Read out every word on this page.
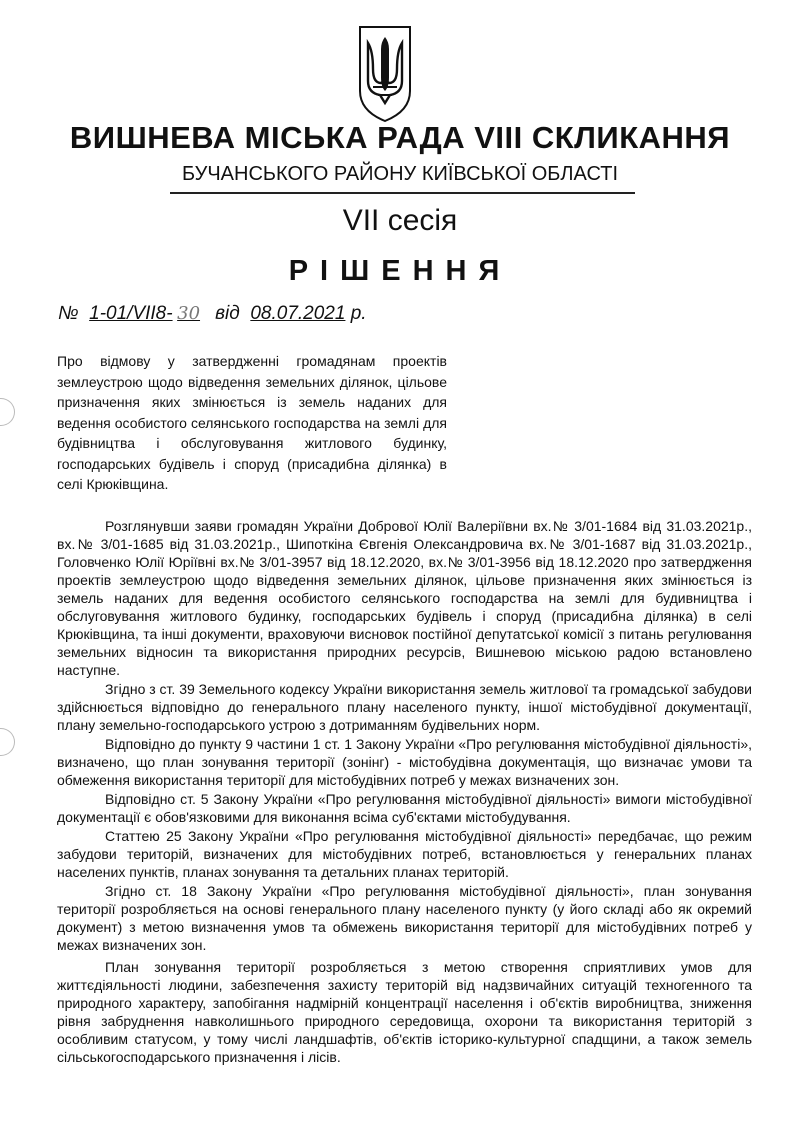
ВИШНЕВА МІСЬКА РАДА VIII СКЛИКАННЯ
БУЧАНСЬКОГО РАЙОНУ КИЇВСЬКОЇ ОБЛАСТІ
VII сесія
РІШЕННЯ
№ 1-01/VII8- 30 від 08.07.2021 р.
Про відмову у затвердженні громадянам проектів землеустрою щодо відведення земельних ділянок, цільове призначення яких змінюється із земель наданих для ведення особистого селянського господарства на землі для будівництва і обслуговування житлового будинку, господарських будівель і споруд (присадибна ділянка) в селі Крюківщина.

Розглянувши заяви громадян України Добрової Юлії Валеріївни вх.№ 3/01-1684 від 31.03.2021р., вх.№ 3/01-1685 від 31.03.2021р., Шипоткіна Євгенія Олександровича вх.№ 3/01-1687 від 31.03.2021р., Головченко Юлії Юріївні вх.№ 3/01-3957 від 18.12.2020, вх.№ 3/01-3956 від 18.12.2020 про затвердження проектів землеустрою щодо відведення земельних ділянок, цільове призначення яких змінюється із земель наданих для ведення особистого селянського господарства на землі для будивництва і обслуговування житлового будинку, господарських будівель і споруд (присадибна ділянка) в селі Крюківщина, та інші документи, враховуючи висновок постійної депутатської комісії з питань регулювання земельних відносин та використання природних ресурсів, Вишневою міською радою встановлено наступне.

Згідно з ст. 39 Земельного кодексу України використання земель житлової та громадської забудови здійснюється відповідно до генерального плану населеного пункту, іншої містобудівної документації, плану земельно-господарського устрою з дотриманням будівельних норм.

Відповідно до пункту 9 частини 1 ст. 1 Закону України «Про регулювання містобудівної діяльності», визначено, що план зонування території (зонінг) - містобудівна документація, що визначає умови та обмеження використання території для містобудівних потреб у межах визначених зон.

Відповідно ст. 5 Закону України «Про регулювання містобудівної діяльності» вимоги містобудівної документації є обов'язковими для виконання всіма суб'єктами містобудування.

Статтею 25 Закону України «Про регулювання містобудівної діяльності» передбачає, що режим забудови територій, визначених для містобудівних потреб, встановлюється у генеральних планах населених пунктів, планах зонування та детальних планах територій.

Згідно ст. 18 Закону України «Про регулювання містобудівної діяльності», план зонування території розробляється на основі генерального плану населеного пункту (у його складі або як окремий документ) з метою визначення умов та обмежень використання території для містобудівних потреб у межах визначених зон.

План зонування території розробляється з метою створення сприятливих умов для життєдіяльності людини, забезпечення захисту територій від надзвичайних ситуацій техногенного та природного характеру, запобігання надмірній концентрації населення і об'єктів виробництва, зниження рівня забруднення навколишнього природного середовища, охорони та використання територій з особливим статусом, у тому числі ландшафтів, об'єктів історико-культурної спадщини, а також земель сільськогосподарського призначення і лісів.
